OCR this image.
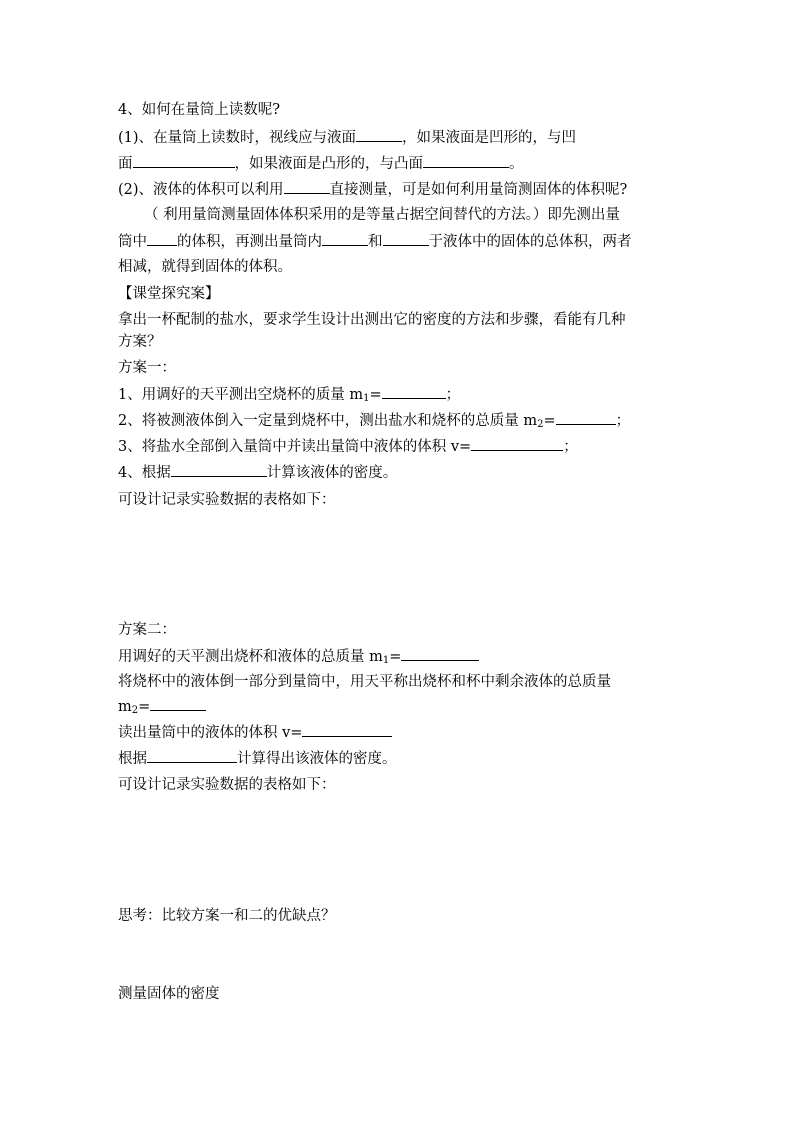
4、如何在量筒上读数呢?
(1)、在量筒上读数时，视线应与液面	，如果液面是凹形的，与凹
面	，如果液面是凸形的，与凸面	。
(2)、液体的体积可以利用	直接测量，可是如何利用量筒测固体的体积呢?
（ 利用量筒测量固体体积采用的是等量占据空间替代的方法。）即先测出量
筒中 的体积，再测出量筒内	和	于液体中的固体的总体积，两者
相减，就得到固体的体积。
【课堂探究案】
拿出一杯配制的盐水，要求学生设计出测出它的密度的方法和步骤，看能有几种
方案？
方案一：
1、用调好的天平测出空烧杯的质量 $m_1=$	；
2、将被测液体倒入一定量到烧杯中，测出盐水和烧杯的总质量 $m_2=$	；
3、将盐水全部倒入量筒中并读出量筒中液体的体积 v=	；
4、根据	计算该液体的密度。
可设计记录实验数据的表格如下：
方案二：
用调好的天平测出烧杯和液体的总质量 $m_1=$
将烧杯中的液体倒一部分到量筒中，用天平称出烧杯和杯中剩余液体的总质量
$m_2=$
读出量筒中的液体的体积 v=
根据	计算得出该液体的密度。
可设计记录实验数据的表格如下：
思考：比较方案一和二的优缺点？
测量固体的密度
